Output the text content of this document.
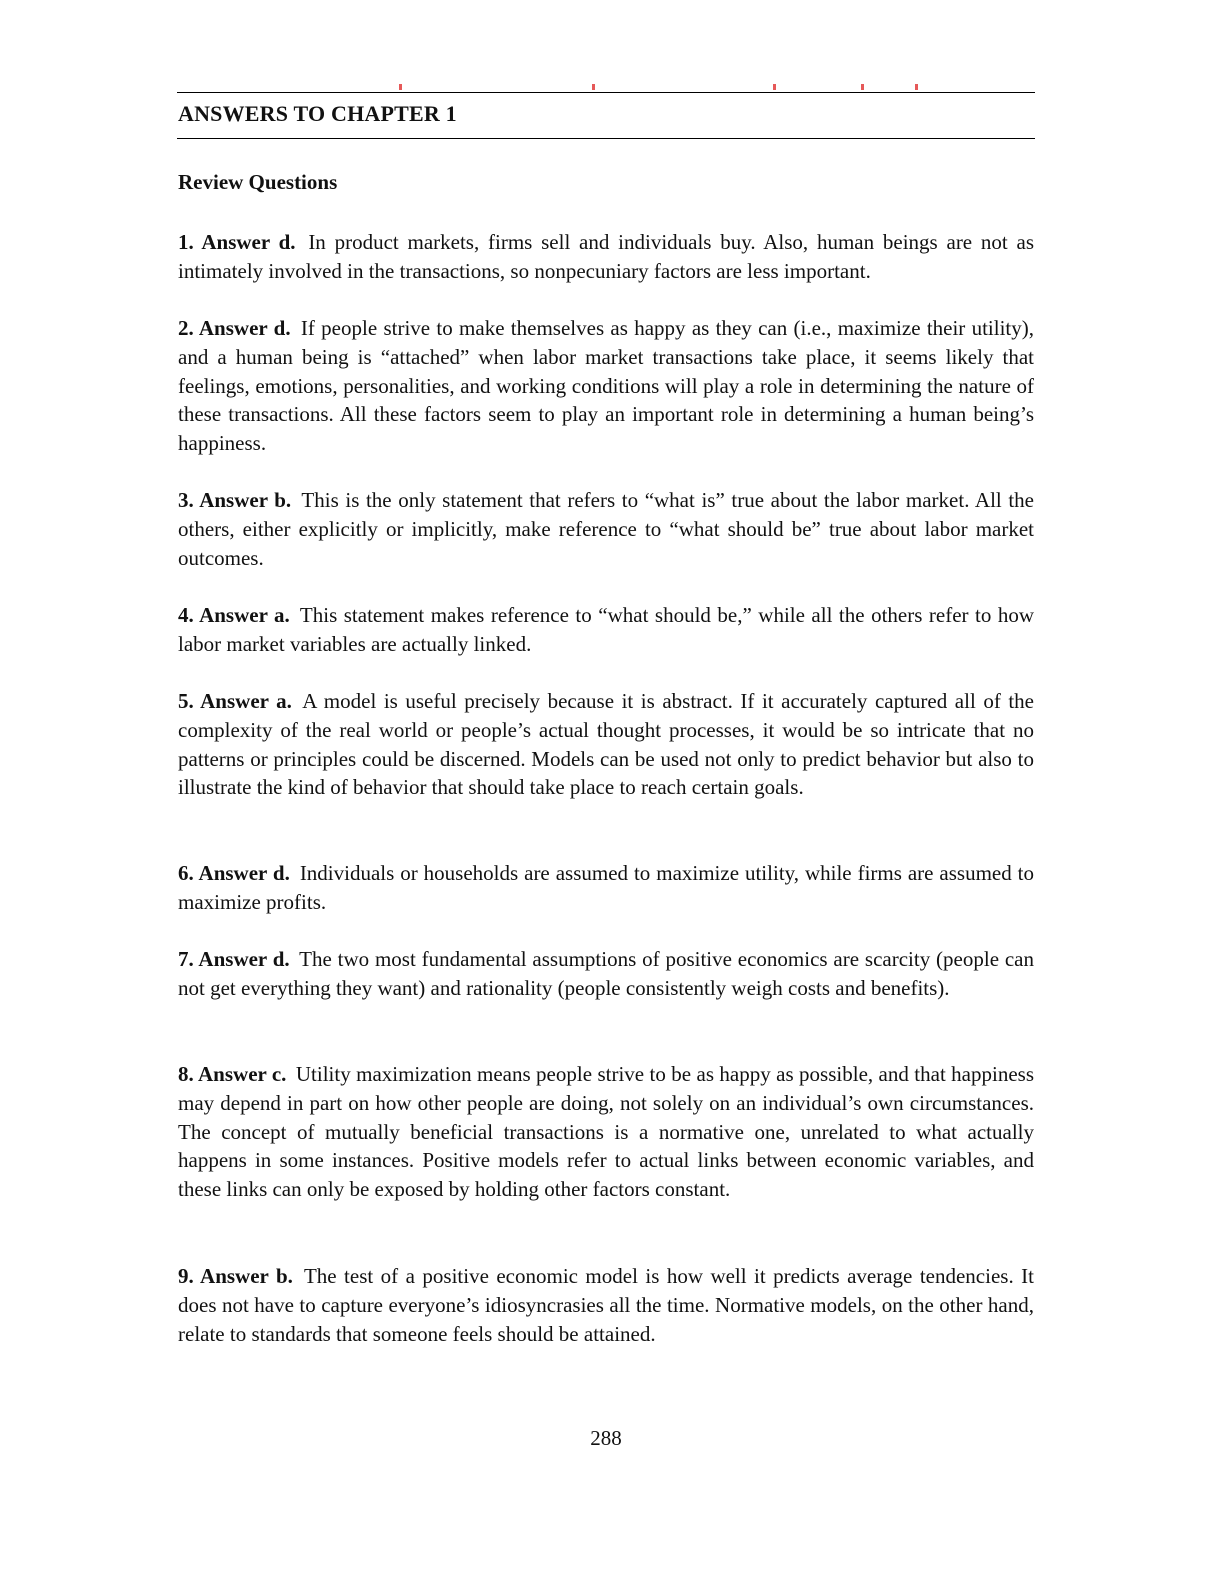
ANSWERS TO CHAPTER 1
Review Questions

1. Answer d. In product markets, firms sell and individuals buy. Also, human beings are not as intimately involved in the transactions, so nonpecuniary factors are less important.

2. Answer d. If people strive to make themselves as happy as they can (i.e., maximize their utility), and a human being is “attached” when labor market transactions take place, it seems likely that feelings, emotions, personalities, and working conditions will play a role in determining the nature of these transactions. All these factors seem to play an important role in determining a human being’s happiness.

3. Answer b. This is the only statement that refers to “what is” true about the labor market. All the others, either explicitly or implicitly, make reference to “what should be” true about labor market outcomes.

4. Answer a. This statement makes reference to “what should be,” while all the others refer to how labor market variables are actually linked.

5. Answer a. A model is useful precisely because it is abstract. If it accurately captured all of the complexity of the real world or people’s actual thought processes, it would be so intricate that no patterns or principles could be discerned. Models can be used not only to predict behavior but also to illustrate the kind of behavior that should take place to reach certain goals.

6. Answer d. Individuals or households are assumed to maximize utility, while firms are assumed to maximize profits.

7. Answer d. The two most fundamental assumptions of positive economics are scarcity (people can not get everything they want) and rationality (people consistently weigh costs and benefits).

8. Answer c. Utility maximization means people strive to be as happy as possible, and that happiness may depend in part on how other people are doing, not solely on an individual’s own circumstances. The concept of mutually beneficial transactions is a normative one, unrelated to what actually happens in some instances. Positive models refer to actual links between economic variables, and these links can only be exposed by holding other factors constant.

9. Answer b. The test of a positive economic model is how well it predicts average tendencies. It does not have to capture everyone’s idiosyncrasies all the time. Normative models, on the other hand, relate to standards that someone feels should be attained.

288
